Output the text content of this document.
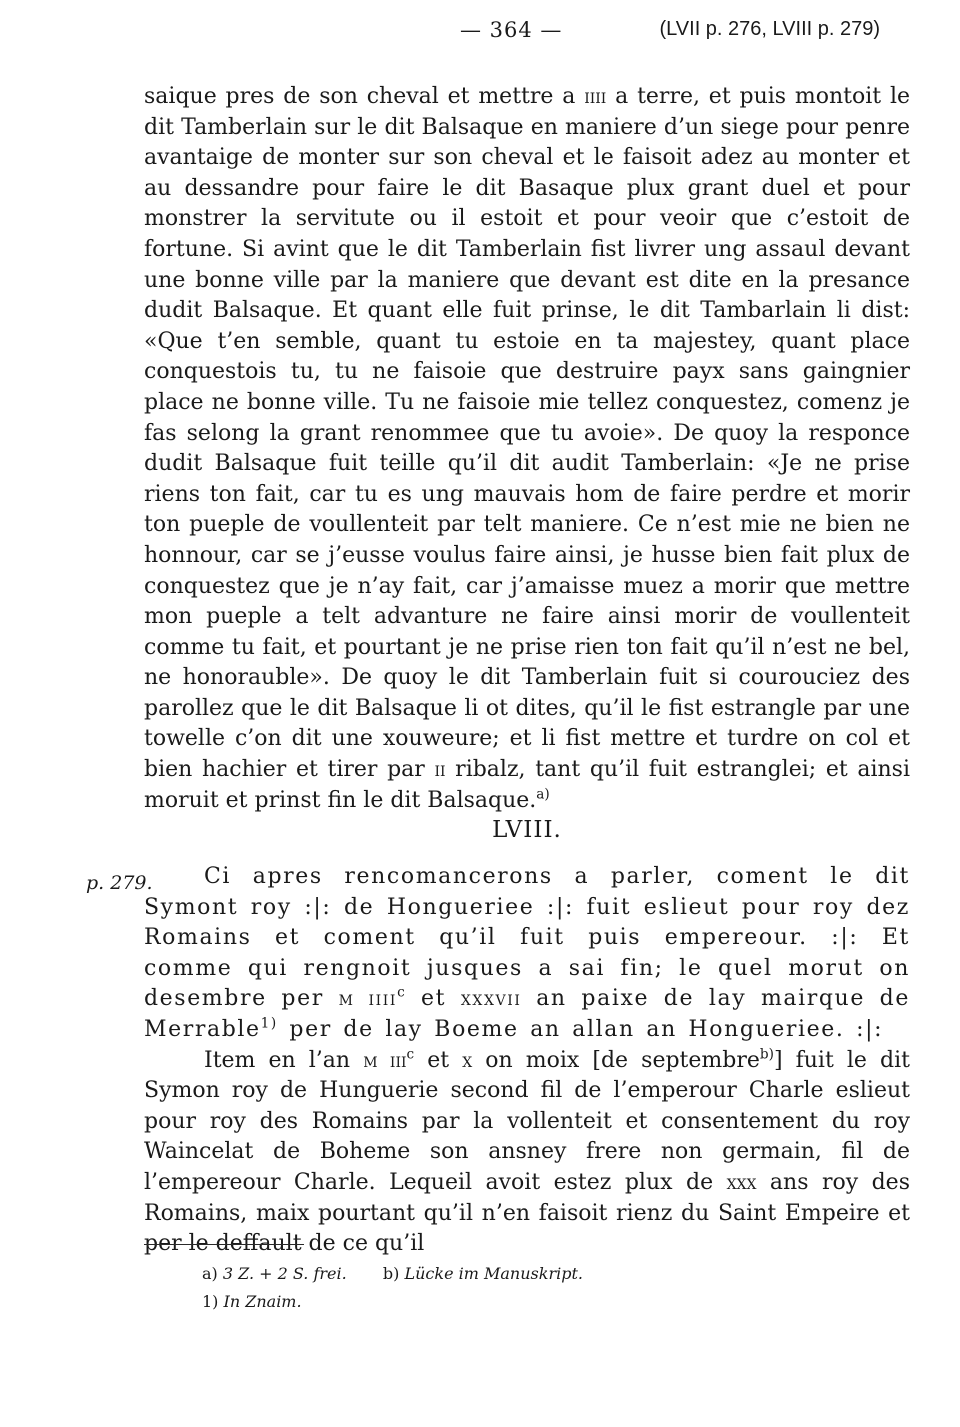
— 364 —	(LVII p. 276, LVIII p. 279)

saique pres de son cheval et mettre a iiii a terre, et puis montoit le dit Tamberlain sur le dit Balsaque en maniere d’un siege pour penre avantaige de monter sur son cheval et le faisoit adez au monter et au dessandre pour faire le dit Basaque plux grant duel et pour monstrer la servitute ou il estoit et pour veoir que c’estoit de fortune. Si avint que le dit Tamberlain fist livrer ung assaul devant une bonne ville par la maniere que devant est dite en la presance dudit Balsaque. Et quant elle fuit prinse, le dit Tambarlain li dist: «Que t’en semble, quant tu estoie en ta majestey, quant place conquestois tu, tu ne faisoie que destruire payx sans gaingnier place ne bonne ville. Tu ne faisoie mie tellez conquestez, comenz je fas selong la grant renommee que tu avoie». De quoy la responce dudit Balsaque fuit teille qu’il dit audit Tamberlain: «Je ne prise riens ton fait, car tu es ung mauvais hom de faire perdre et morir ton pueple de voullenteit par telt maniere. Ce n’est mie ne bien ne honnour, car se j’eusse voulus faire ainsi, je husse bien fait plux de conquestez que je n’ay fait, car j’amaisse muez a morir que mettre mon pueple a telt advanture ne faire ainsi morir de voullenteit comme tu fait, et pourtant je ne prise rien ton fait qu’il n’est ne bel, ne honorauble». De quoy le dit Tamberlain fuit si courouciez des parollez que le dit Balsaque li ot dites, qu’il le fist estrangle par une towelle c’on dit une xouweure; et li fist mettre et turdre on col et bien hachier et tirer par ii ribalz, tant qu’il fuit estranglei; et ainsi moruit et prinst fin le dit Balsaque.$^{a)}$

LVIII.
p. 279.	Ci apres rencomancerons a parler, coment le dit Symont roy :|: de Hongueriee :|: fuit eslieut pour roy dez Romains et coment qu’il fuit puis empereour. :|: Et comme qui rengnoit jusques a sai fin; le quel morut on desembre per m iiii$^c$ et xxxvii an paixe de lay mairque de Merrable$^{1)}$ per de lay Boeme an allan an Hongueriee. :|:

Item en l’an m iii$^c$ et x on moix [de septembre$^{b)}$] fuit le dit Symon roy de Hunguerie second fil de l’emperour Charle eslieut pour roy des Romains par la vollenteit et consentement du roy Waincelat de Boheme son ansney frere non germain, fil de l’empereour Charle. Lequeil avoit estez plux de xxx ans roy des Romains, maix pourtant qu’il n’en faisoit rienz du Saint Empeire et per le deffault de ce qu’il

a) 3 Z. + 2 S. frei. b) Lücke im Manuskript.
1) In Znaim.
